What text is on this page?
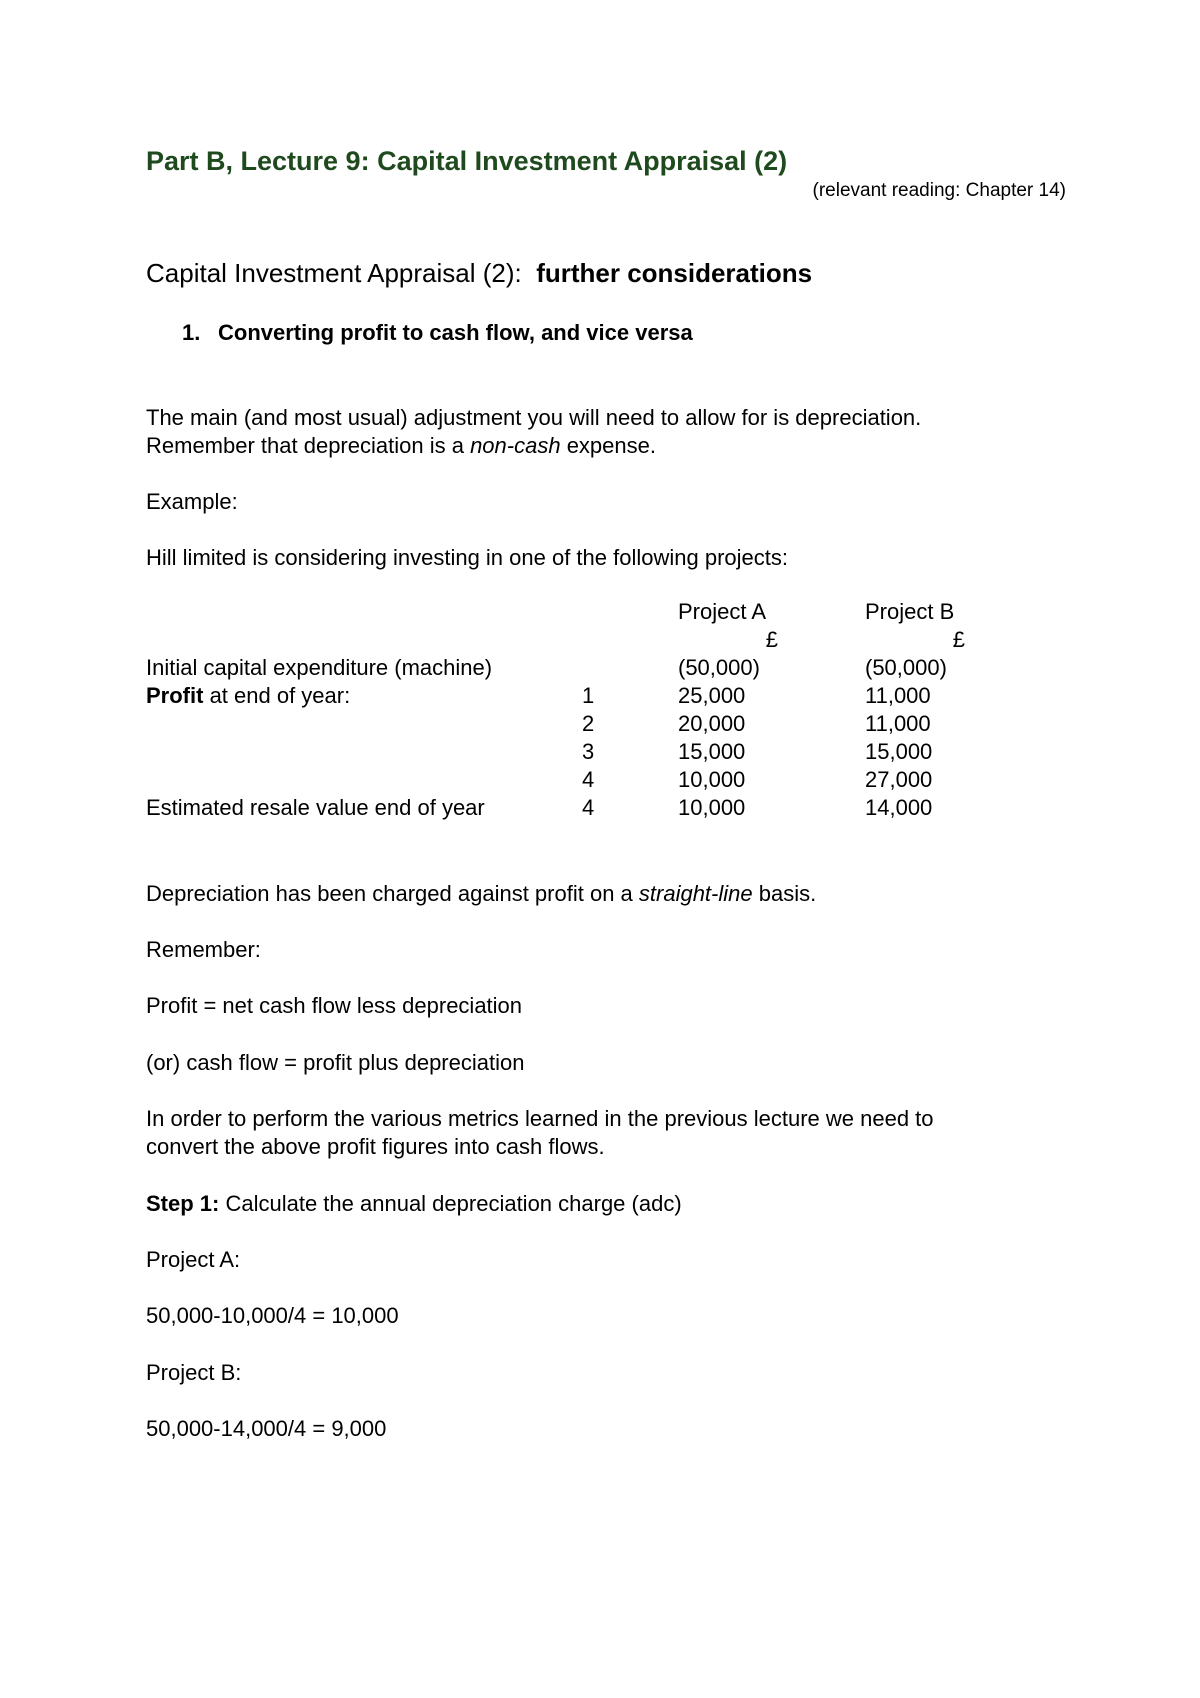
Part B, Lecture 9: Capital Investment Appraisal (2)
(relevant reading: Chapter 14)
Capital Investment Appraisal (2): further considerations
1. Converting profit to cash flow, and vice versa
The main (and most usual) adjustment you will need to allow for is depreciation.
Remember that depreciation is a non-cash expense.
Example:
Hill limited is considering investing in one of the following projects:
		Project A	Project B
		£	£
Initial capital expenditure (machine)		(50,000)	(50,000)
Profit at end of year:	1	25,000	11,000
	2	20,000	11,000
	3	15,000	15,000
	4	10,000	27,000
Estimated resale value end of year	4	10,000	14,000
Depreciation has been charged against profit on a straight-line basis.
Remember:
Profit = net cash flow less depreciation
(or) cash flow = profit plus depreciation
In order to perform the various metrics learned in the previous lecture we need to
convert the above profit figures into cash flows.
Step 1: Calculate the annual depreciation charge (adc)
Project A:
50,000-10,000/4 = 10,000
Project B:
50,000-14,000/4 = 9,000
